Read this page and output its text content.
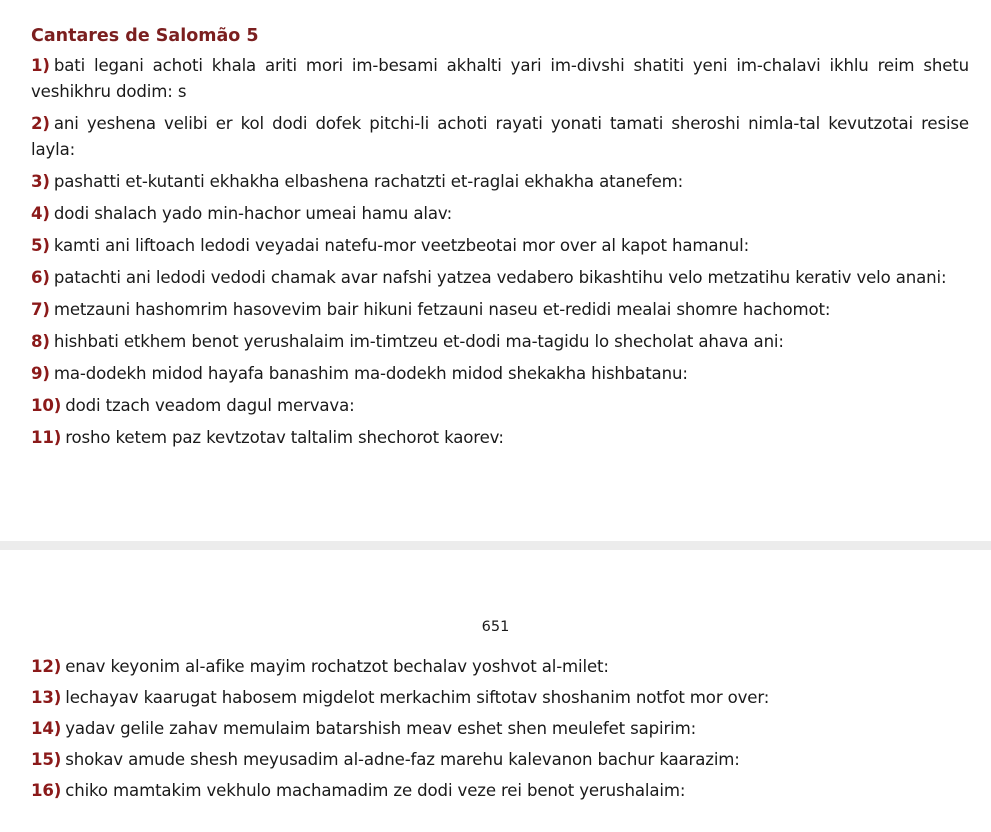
Cantares de Salomão 5
1) bati legani achoti khala ariti mori im-besami akhalti yari im-divshi shatiti yeni im-chalavi ikhlu reim shetu veshikhru dodim: s
2) ani yeshena velibi er kol dodi dofek pitchi-li achoti rayati yonati tamati sheroshi nimla-tal kevutzotai resise layla:
3) pashatti et-kutanti ekhakha elbashena rachatzti et-raglai ekhakha atanefem:
4) dodi shalach yado min-hachor umeai hamu alav:
5) kamti ani liftoach ledodi veyadai natefu-mor veetzbeotai mor over al kapot hamanul:
6) patachti ani ledodi vedodi chamak avar nafshi yatzea vedabero bikashtihu velo metzatihu kerativ velo anani:
7) metzauni hashomrim hasovevim bair hikuni fetzauni naseu et-redidi mealai shomre hachomot:
8) hishbati etkhem benot yerushalaim im-timtzeu et-dodi ma-tagidu lo shecholat ahava ani:
9) ma-dodekh midod hayafa banashim ma-dodekh midod shekakha hishbatanu:
10) dodi tzach veadom dagul mervava:
11) rosho ketem paz kevtzotav taltalim shechorot kaorev:
651
12) enav keyonim al-afike mayim rochatzot bechalav yoshvot al-milet:
13) lechayav kaarugat habosem migdelot merkachim siftotav shoshanim notfot mor over:
14) yadav gelile zahav memulaim batarshish meav eshet shen meulefet sapirim:
15) shokav amude shesh meyusadim al-adne-faz marehu kalevanon bachur kaarazim:
16) chiko mamtakim vekhulo machamadim ze dodi veze rei benot yerushalaim:
